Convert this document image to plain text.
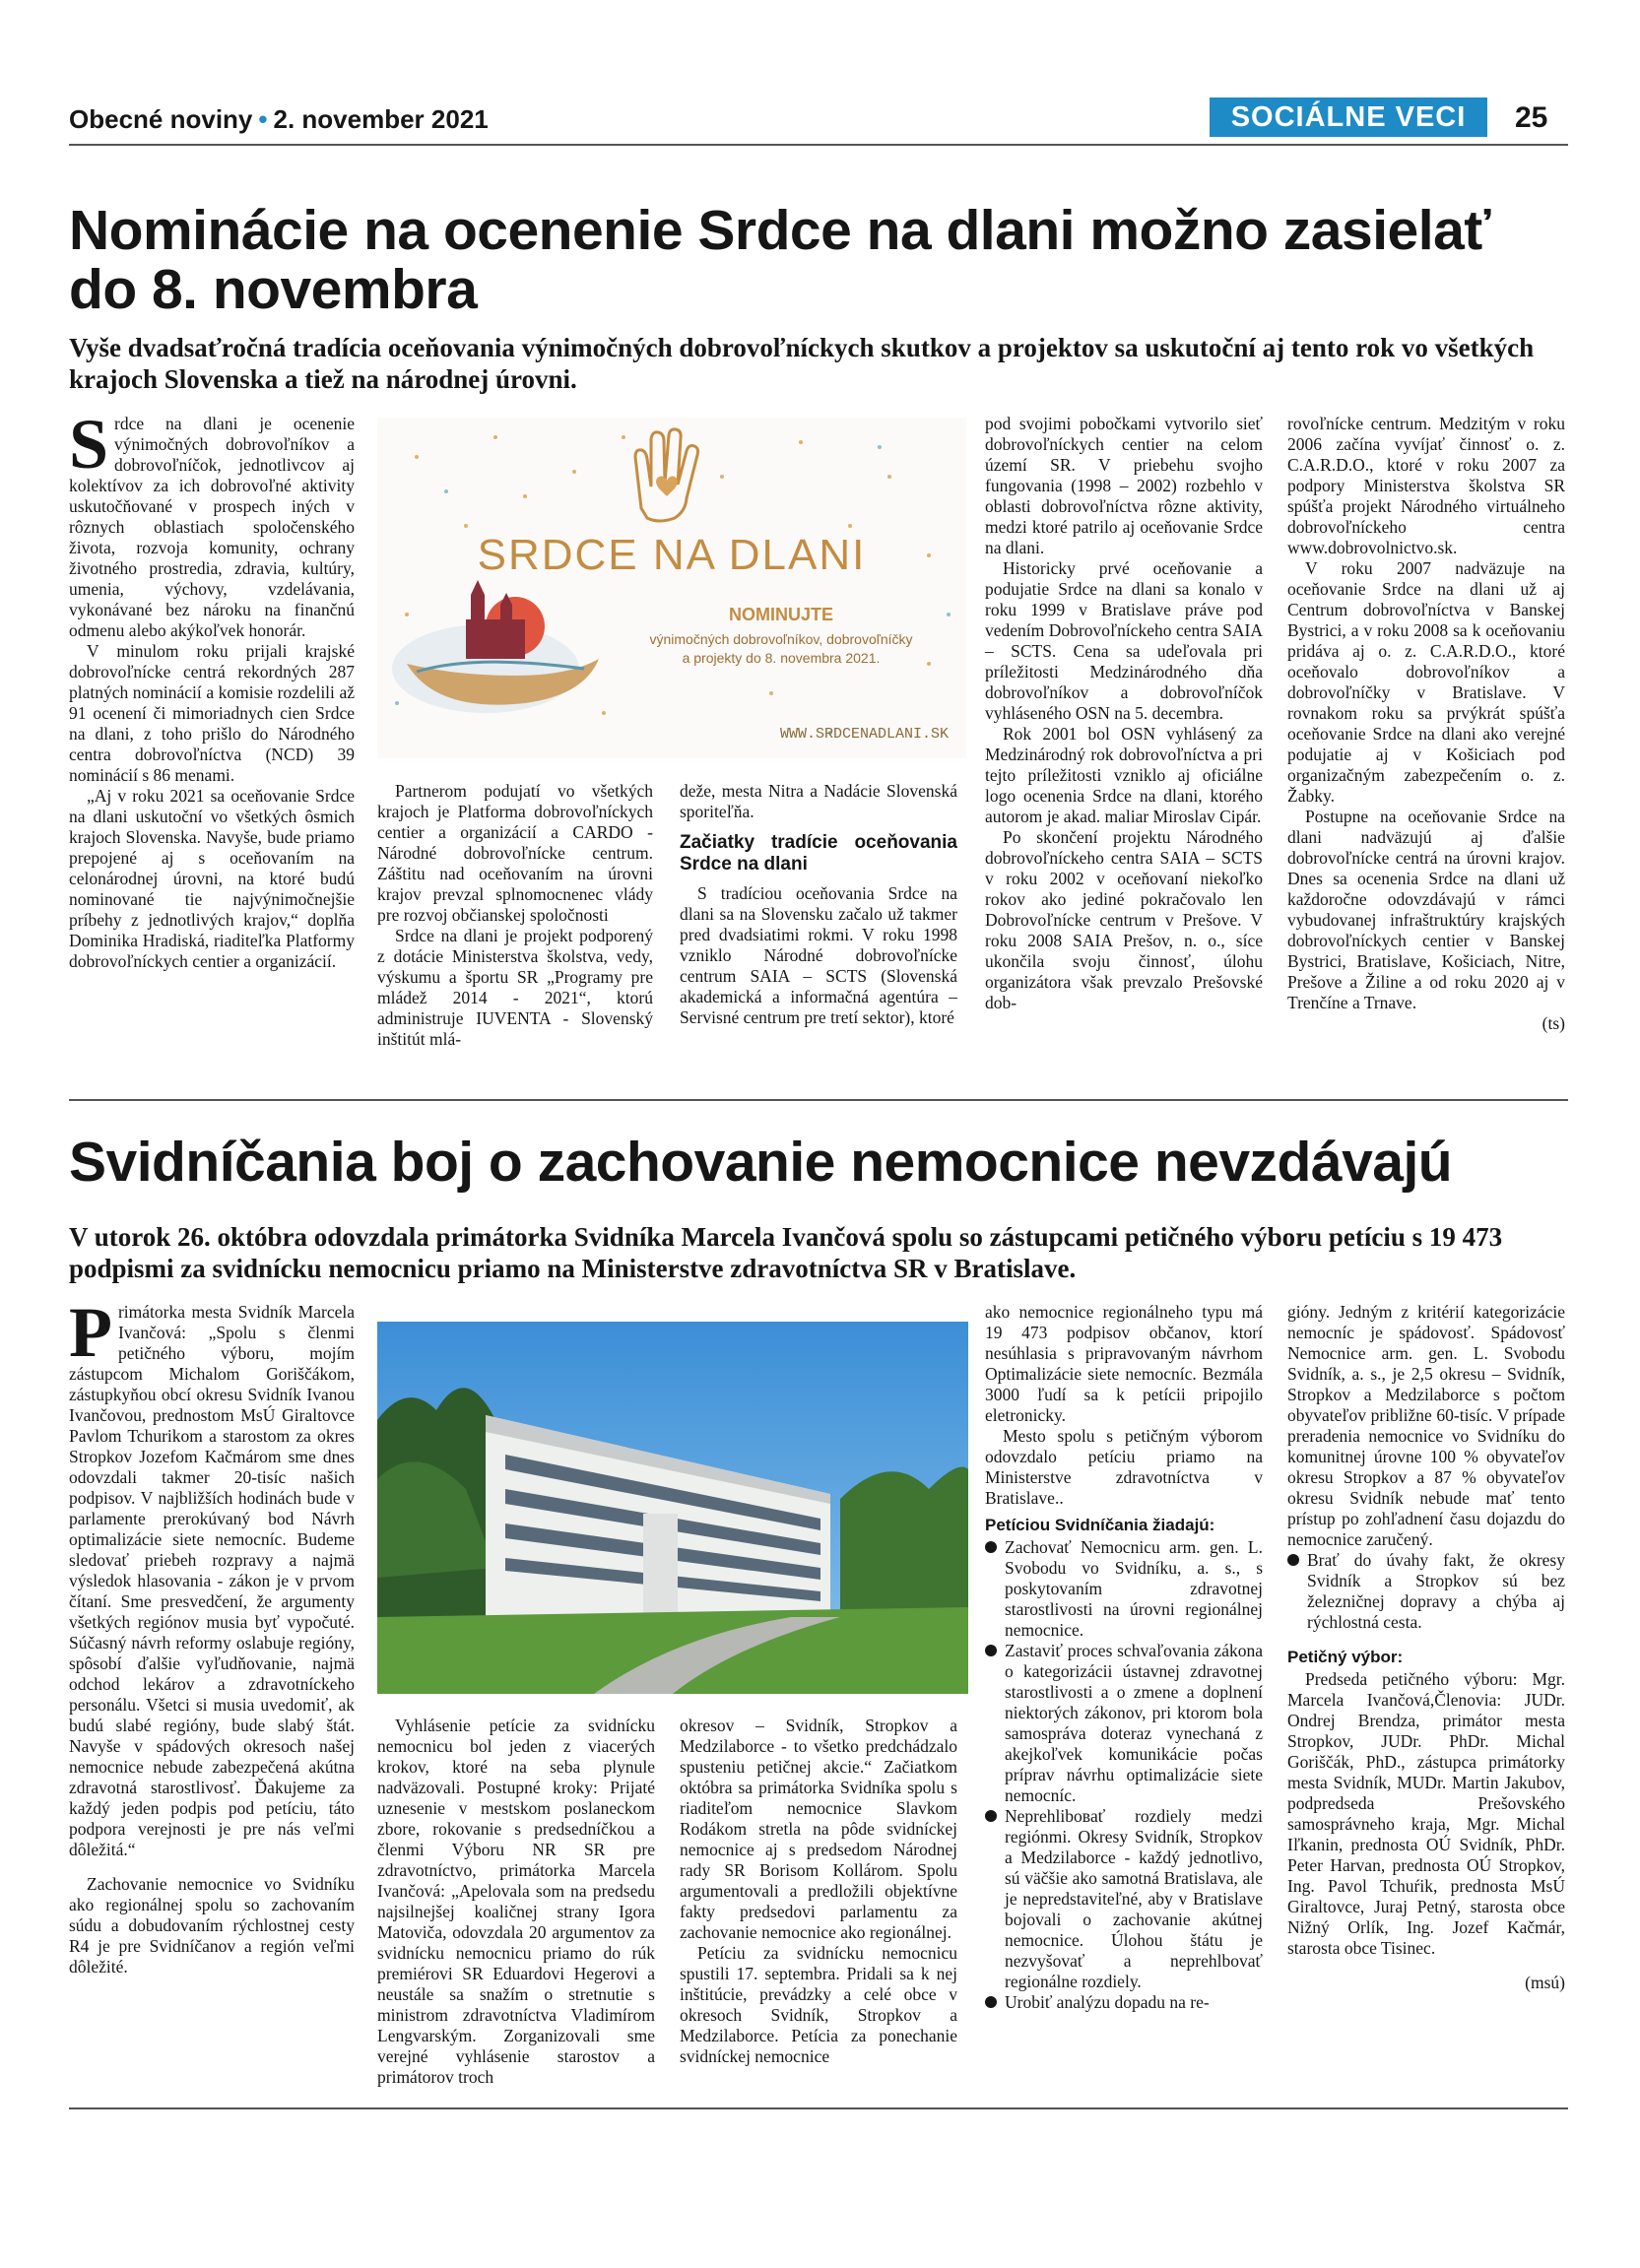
Obecné noviny • 2. november 2021	SOCIÁLNE VECI	25
Nominácie na ocenenie Srdce na dlani možno zasielať
do 8. novembra
Vyše dvadsaťročná tradícia oceňovania výnimočných dobrovoľníckych skutkov a projektov sa uskutoční aj tento rok vo všetkých
krajoch Slovenska a tiež na národnej úrovni.
S rdce na dlani je ocenenie výnimočných dobrovoľníkov a dobrovoľníčok, jednotlivcov aj kolektívov za ich dobrovoľné aktivity uskutočňované v prospech iných v rôznych oblastiach spoločenského života, rozvoja komunity, ochrany životného prostredia, zdravia, kultúry, umenia, výchovy, vzdelávania, vykonávané bez nároku na finančnú odmenu alebo akýkoľvek honorár.

V minulom roku prijali krajské dobrovoľnícke centrá rekordných 287 platných nominácií a komisie rozdelili až 91 ocenení či mimoriadnych cien Srdce na dlani, z toho prišlo do Národného centra dobrovoľníctva (NCD) 39 nominácií s 86 menami.

„Aj v roku 2021 sa oceňovanie Srdce na dlani uskutoční vo všetkých ôsmich krajoch Slovenska. Navyše, bude priamo prepojené aj s oceňovaním na celonárodnej úrovni, na ktoré budú nominované tie najvýnimočnejšie príbehy z jednotlivých krajov,“ doplňa Dominika Hradiská, riaditeľka Platformy dobrovoľníckych centier a organizácií.

SRDCE NA DLANI
NOMINUJTE
výnimočných dobrovoľníkov, dobrovoľníčky
a projekty do 8. novembra 2021.
WWW.SRDCENADLANI.SK

Partnerom podujatí vo všetkých krajoch je Platforma dobrovoľníckych centier a organizácií a CARDO - Národné dobrovoľnícke centrum. Záštitu nad oceňovaním na úrovni krajov prevzal splnomocnenec vlády pre rozvoj občianskej spoločnosti

Srdce na dlani je projekt podporený z dotácie Ministerstva školstva, vedy, výskumu a športu SR „Programy pre mládež 2014 - 2021“, ktorú administruje IUVENTA - Slovenský inštitút mlá-

deže, mesta Nitra a Nadácie Slovenská sporiteľňa.

Začiatky tradície oceňovania Srdce na dlani

S tradíciou oceňovania Srdce na dlani sa na Slovensku začalo už takmer pred dvadsiatimi rokmi. V roku 1998 vzniklo Národné dobrovoľnícke centrum SAIA – SCTS (Slovenská akademická a informačná agentúra – Servisné centrum pre tretí sektor), ktoré

pod svojimi pobočkami vytvorilo sieť dobrovoľníckych centier na celom území SR. V priebehu svojho fungovania (1998 – 2002) rozbehlo v oblasti dobrovoľníctva rôzne aktivity, medzi ktoré patrilo aj oceňovanie Srdce na dlani.

Historicky prvé oceňovanie a podujatie Srdce na dlani sa konalo v roku 1999 v Bratislave práve pod vedením Dobrovoľníckeho centra SAIA – SCTS. Cena sa udeľovala pri príležitosti Medzinárodného dňa dobrovoľníkov a dobrovoľníčok vyhláseného OSN na 5. decembra.

Rok 2001 bol OSN vyhlásený za Medzinárodný rok dobrovoľníctva a pri tejto príležitosti vzniklo aj oficiálne logo ocenenia Srdce na dlani, ktorého autorom je akad. maliar Miroslav Cipár.

Po skončení projektu Národného dobrovoľníckeho centra SAIA – SCTS v roku 2002 v oceňovaní niekoľko rokov ako jediné pokračovalo len Dobrovoľnícke centrum v Prešove. V roku 2008 SAIA Prešov, n. o., síce ukončila svoju činnosť, úlohu organizátora však prevzalo Prešovské dob-

rovoľnícke centrum. Medzitým v roku 2006 začína vyvíjať činnosť o. z. C.A.R.D.O., ktoré v roku 2007 za podpory Ministerstva školstva SR spúšťa projekt Národného virtuálneho dobrovoľníckeho centra www.dobrovolnictvo.sk.

V roku 2007 nadväzuje na oceňovanie Srdce na dlani už aj Centrum dobrovoľníctva v Banskej Bystrici, a v roku 2008 sa k oceňovaniu pridáva aj o. z. C.A.R.D.O., ktoré oceňovalo dobrovoľníkov a dobrovoľníčky v Bratislave. V rovnakom roku sa prvýkrát spúšťa oceňovanie Srdce na dlani ako verejné podujatie aj v Košiciach pod organizačným zabezpečením o. z. Žabky.

Postupne na oceňovanie Srdce na dlani nadväzujú aj ďalšie dobrovoľnícke centrá na úrovni krajov. Dnes sa ocenenia Srdce na dlani už každoročne odovzdávajú v rámci vybudovanej infraštruktúry krajských dobrovoľníckych centier v Banskej Bystrici, Bratislave, Košiciach, Nitre, Prešove a Žiline a od roku 2020 aj v Trenčíne a Trnave.

(ts)

Svidníčania boj o zachovanie nemocnice nevzdávajú
V utorok 26. októbra odovzdala primátorka Svidníka Marcela Ivančová spolu so zástupcami petičného výboru petíciu s 19 473
podpismi za svidnícku nemocnicu priamo na Ministerstve zdravotníctva SR v Bratislave.
P rimátorka mesta Svidník Marcela Ivančová: „Spolu s členmi petičného výboru, mojím zástupcom Michalom Goriščákom, zástupkyňou obcí okresu Svidník Ivanou Ivančovou, prednostom MsÚ Giraltovce Pavlom Tchurikom a starostom za okres Stropkov Jozefom Kačmárom sme dnes odovzdali takmer 20-tisíc našich podpisov. V najbližších hodinách bude v parlamente prerokúvaný bod Návrh optimalizácie siete nemocníc. Budeme sledovať priebeh rozpravy a najmä výsledok hlasovania - zákon je v prvom čítaní. Sme presvedčení, že argumenty všetkých regiónov musia byť vypočuté. Súčasný návrh reformy oslabuje regióny, spôsobí ďalšie vyľudňovanie, najmä odchod lekárov a zdravotníckeho personálu. Všetci si musia uvedomiť, ak budú slabé regióny, bude slabý štát. Navyše v spádových okresoch našej nemocnice nebude zabezpečená akútna zdravotná starostlivosť. Ďakujeme za každý jeden podpis pod petíciu, táto podpora verejnosti je pre nás veľmi dôležitá.“

Zachovanie nemocnice vo Svidníku ako regionálnej spolu so zachovaním súdu a dobudovaním rýchlostnej cesty R4 je pre Svidníčanov a región veľmi dôležité.

Vyhlásenie petície za svidnícku nemocnicu bol jeden z viacerých krokov, ktoré na seba plynule nadväzovali. Postupné kroky: Prijaté uznesenie v mestskom poslaneckom zbore, rokovanie s predsedníčkou a členmi Výboru NR SR pre zdravotníctvo, primátorka Marcela Ivančová: „Apelovala som na predsedu najsilnejšej koaličnej strany Igora Matoviča, odovzdala 20 argumentov za svidnícku nemocnicu priamo do rúk premiérovi SR Eduardovi Hegerovi a neustále sa snažím o stretnutie s ministrom zdravotníctva Vladimírom Lengvarským. Zorganizovali sme verejné vyhlásenie starostov a primátorov troch

okresov – Svidník, Stropkov a Medzilaborce - to všetko predchádzalo spusteniu petičnej akcie.“ Začiatkom októbra sa primátorka Svidníka spolu s riaditeľom nemocnice Slavkom Rodákom stretla na pôde svidníckej nemocnice aj s predsedom Národnej rady SR Borisom Kollárom. Spolu argumentovali a predložili objektívne fakty predsedovi parlamentu za zachovanie nemocnice ako regionálnej.

Petíciu za svidnícku nemocnicu spustili 17. septembra. Pridali sa k nej inštitúcie, prevádzky a celé obce v okresoch Svidník, Stropkov a Medzilaborce. Petícia za ponechanie svidníckej nemocnice

ako nemocnice regionálneho typu má 19 473 podpisov občanov, ktorí nesúhlasia s pripravovaným návrhom Optimalizácie siete nemocníc. Bezmála 3000 ľudí sa k petícii pripojilo eletronicky.

Mesto spolu s petičným výborom odovzdalo petíciu priamo na Ministerstve zdravotníctva v Bratislave..

Petíciou Svidníčania žiadajú:

Zachovať Nemocnicu arm. gen. L. Svobodu vo Svidníku, a. s., s poskytovaním zdravotnej starostlivosti na úrovni regionálnej nemocnice.

Zastaviť proces schvaľovania zákona o kategorizácii ústavnej zdravotnej starostlivosti a o zmene a doplnení niektorých zákonov, pri ktorom bola samospráva doteraz vynechaná z akejkoľvek komunikácie počas príprav návrhu optimalizácie siete nemocníc.

Neprehliboвať rozdiely medzi regiónmi. Okresy Svidník, Stropkov a Medzilaborce - každý jednotlivo, sú väčšie ako samotná Bratislava, ale je nepredstaviteľné, aby v Bratislave bojovali o zachovanie akútnej nemocnice. Úlohou štátu je nezvyšovať a neprehlbovať regionálne rozdiely.

Urobiť analýzu dopadu na re-

gióny. Jedným z kritérií kategorizácie nemocníc je spádovosť. Spádovosť Nemocnice arm. gen. L. Svobodu Svidník, a. s., je 2,5 okresu – Svidník, Stropkov a Medzilaborce s počtom obyvateľov približne 60-tisíc. V prípade preradenia nemocnice vo Svidníku do komunitnej úrovne 100 % obyvateľov okresu Stropkov a 87 % obyvateľov okresu Svidník nebude mať tento prístup po zohľadnení času dojazdu do nemocnice zaručený.

Brať do úvahy fakt, že okresy Svidník a Stropkov sú bez železničnej dopravy a chýba aj rýchlostná cesta.

Petičný výbor:

Predseda petičného výboru: Mgr. Marcela Ivančová,Členovia: JUDr. Ondrej Brendza, primátor mesta Stropkov, JUDr. PhDr. Michal Goriščák, PhD., zástupca primátorky mesta Svidník, MUDr. Martin Jakubov, podpredseda Prešovského samosprávneho kraja, Mgr. Michal Iľkanin, prednosta OÚ Svidník, PhDr. Peter Harvan, prednosta OÚ Stropkov, Ing. Pavol Tchuŕik, prednosta MsÚ Giraltovce, Juraj Petný, starosta obce Nižný Orlík, Ing. Jozef Kačmár, starosta obce Tisinec.

(msú)
